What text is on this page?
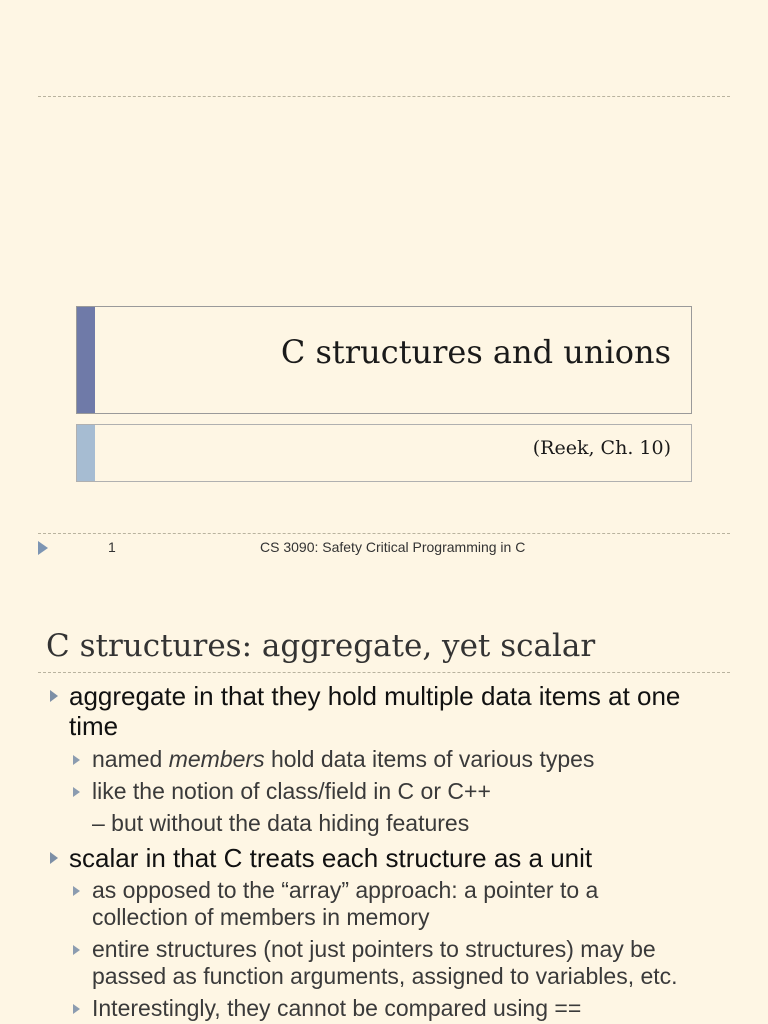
C structures and unions
(Reek, Ch. 10)
1	CS 3090: Safety Critical Programming in C
C structures: aggregate, yet scalar
aggregate in that they hold multiple data items at one time
named members hold data items of various types
like the notion of class/field in C or C++
– but without the data hiding features
scalar in that C treats each structure as a unit
as opposed to the “array” approach: a pointer to a collection of members in memory
entire structures (not just pointers to structures) may be passed as function arguments, assigned to variables, etc.
Interestingly, they cannot be compared using ==
